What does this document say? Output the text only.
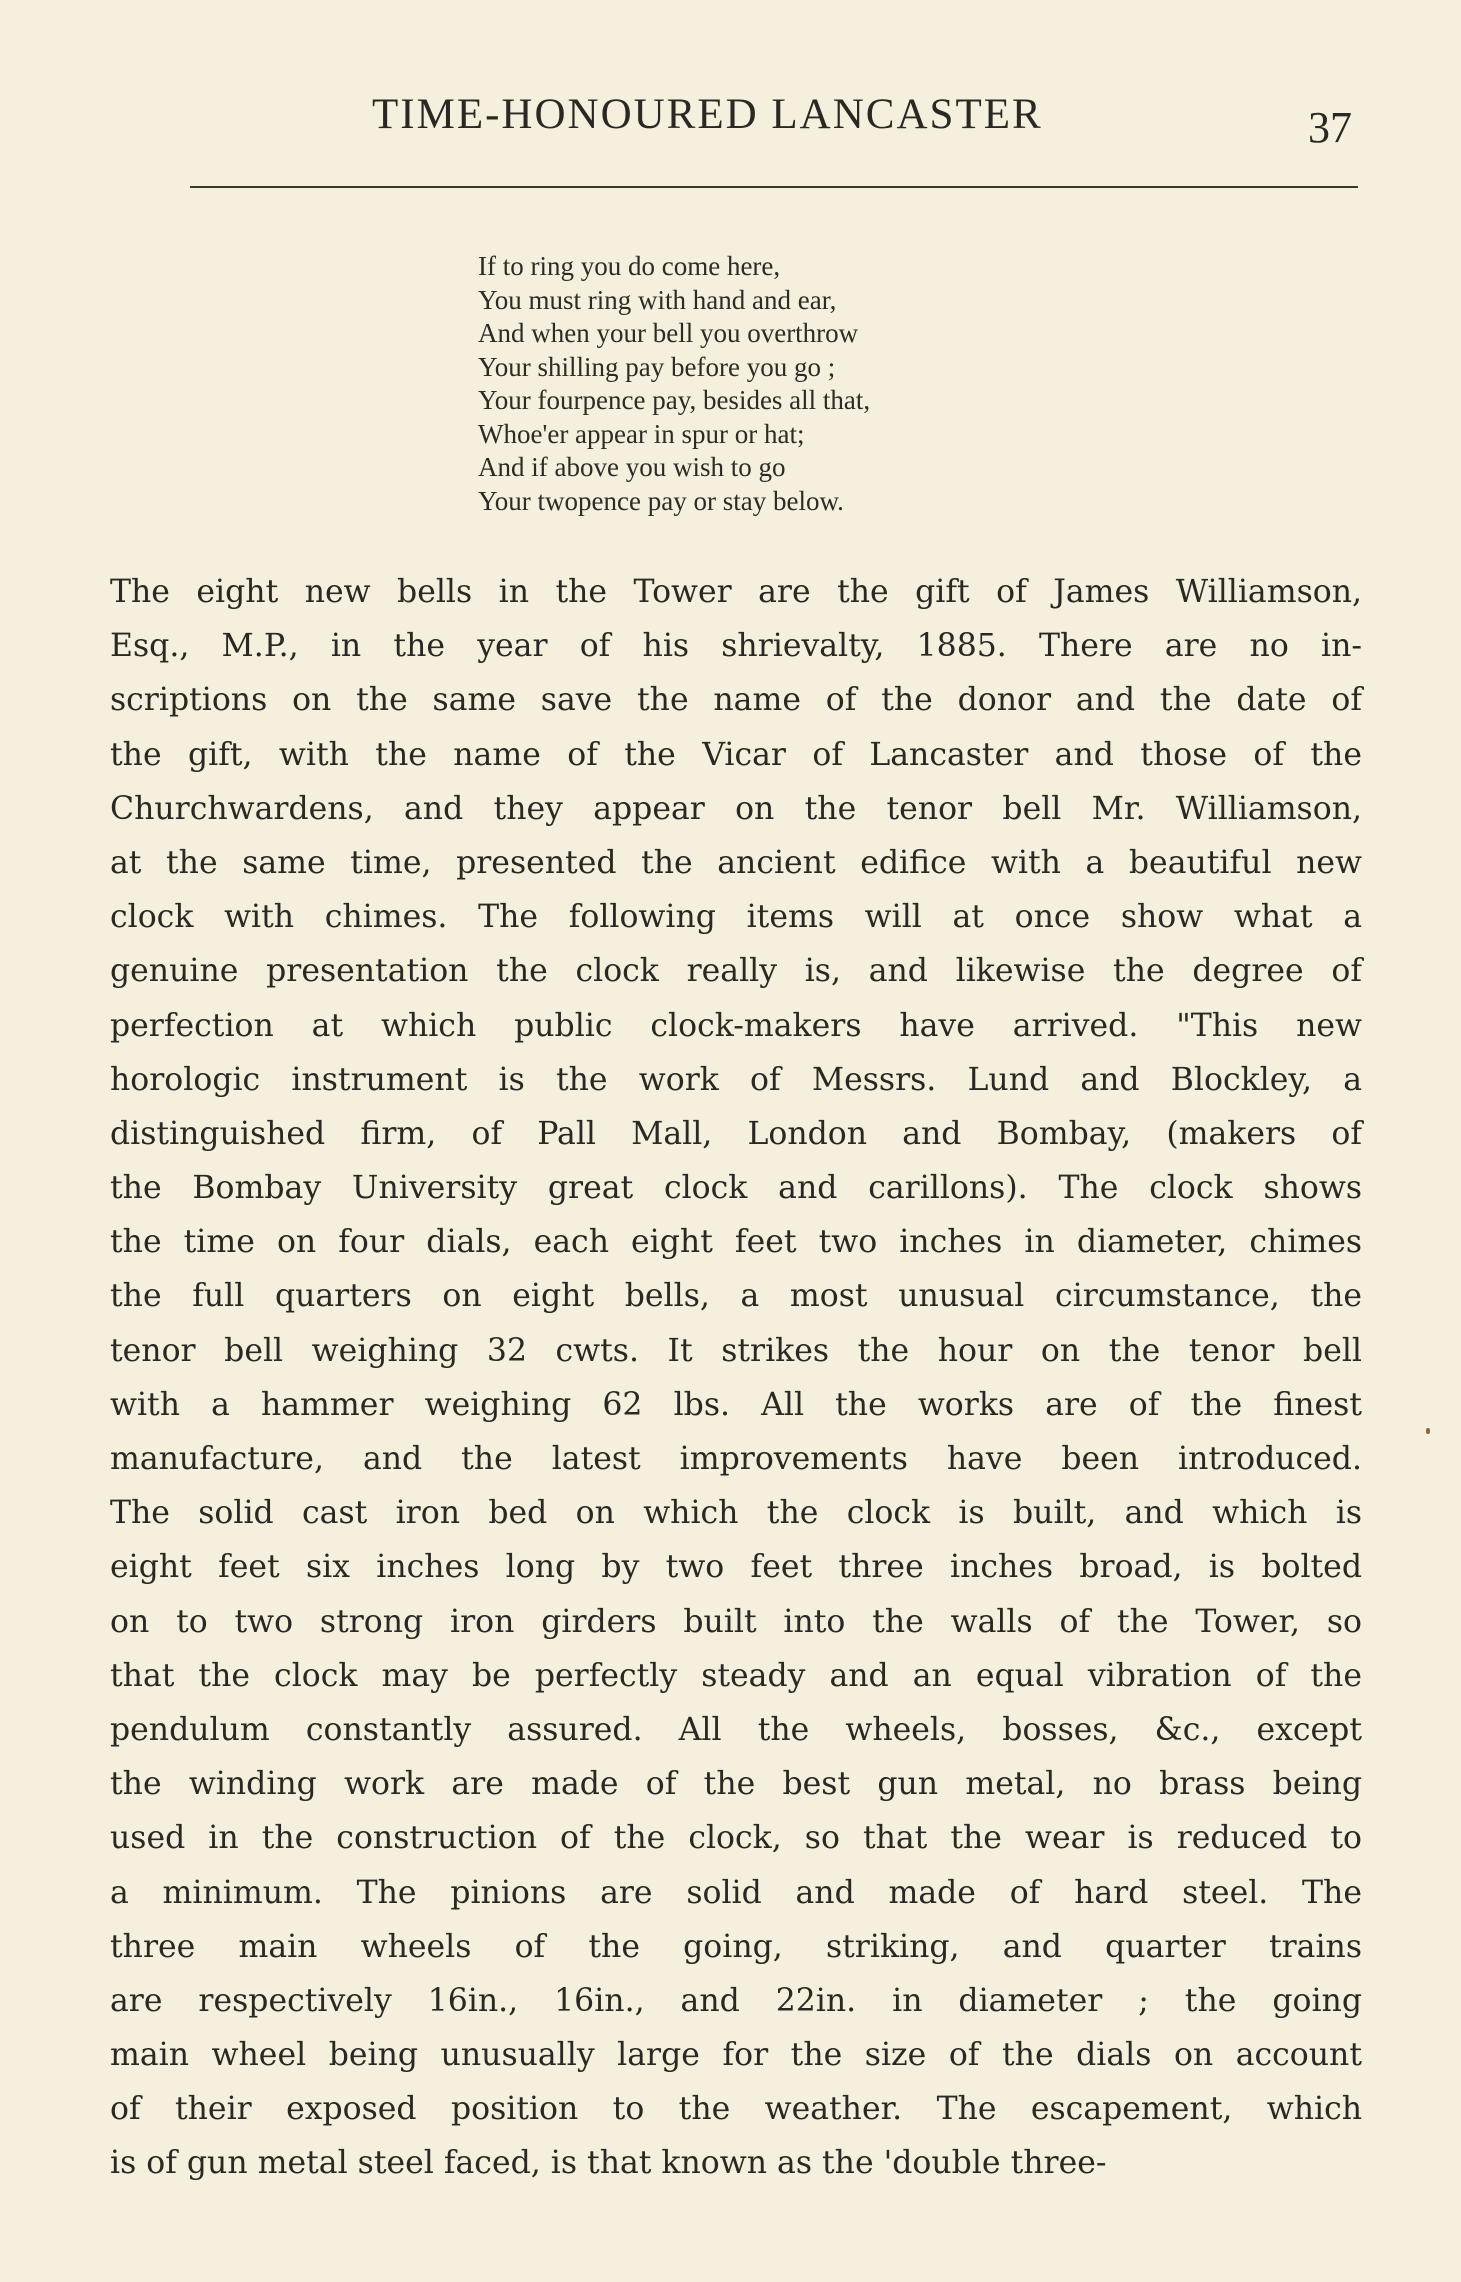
TIME-HONOURED LANCASTER	37
If to ring you do come here,
You must ring with hand and ear,
And when your bell you overthrow
Your shilling pay before you go ;
Your fourpence pay, besides all that,
Whoe'er appear in spur or hat;
And if above you wish to go
Your twopence pay or stay below.
The eight new bells in the Tower are the gift of James Williamson,
Esq., M.P., in the year of his shrievalty, 1885. There are no in-
scriptions on the same save the name of the donor and the date of
the gift, with the name of the Vicar of Lancaster and those of the
Churchwardens, and they appear on the tenor bell Mr. Williamson,
at the same time, presented the ancient edifice with a beautiful new
clock with chimes. The following items will at once show what a
genuine presentation the clock really is, and likewise the degree of
perfection at which public clock-makers have arrived. "This new
horologic instrument is the work of Messrs. Lund and Blockley, a
distinguished firm, of Pall Mall, London and Bombay, (makers of
the Bombay University great clock and carillons). The clock shows
the time on four dials, each eight feet two inches in diameter, chimes
the full quarters on eight bells, a most unusual circumstance, the
tenor bell weighing 32 cwts. It strikes the hour on the tenor bell
with a hammer weighing 62 lbs. All the works are of the finest
manufacture, and the latest improvements have been introduced.
The solid cast iron bed on which the clock is built, and which is
eight feet six inches long by two feet three inches broad, is bolted
on to two strong iron girders built into the walls of the Tower, so
that the clock may be perfectly steady and an equal vibration of the
pendulum constantly assured. All the wheels, bosses, &c., except
the winding work are made of the best gun metal, no brass being
used in the construction of the clock, so that the wear is reduced to
a minimum. The pinions are solid and made of hard steel. The
three main wheels of the going, striking, and quarter trains
are respectively 16in., 16in., and 22in. in diameter ; the going
main wheel being unusually large for the size of the dials on account
of their exposed position to the weather. The escapement, which
is of gun metal steel faced, is that known as the 'double three-
